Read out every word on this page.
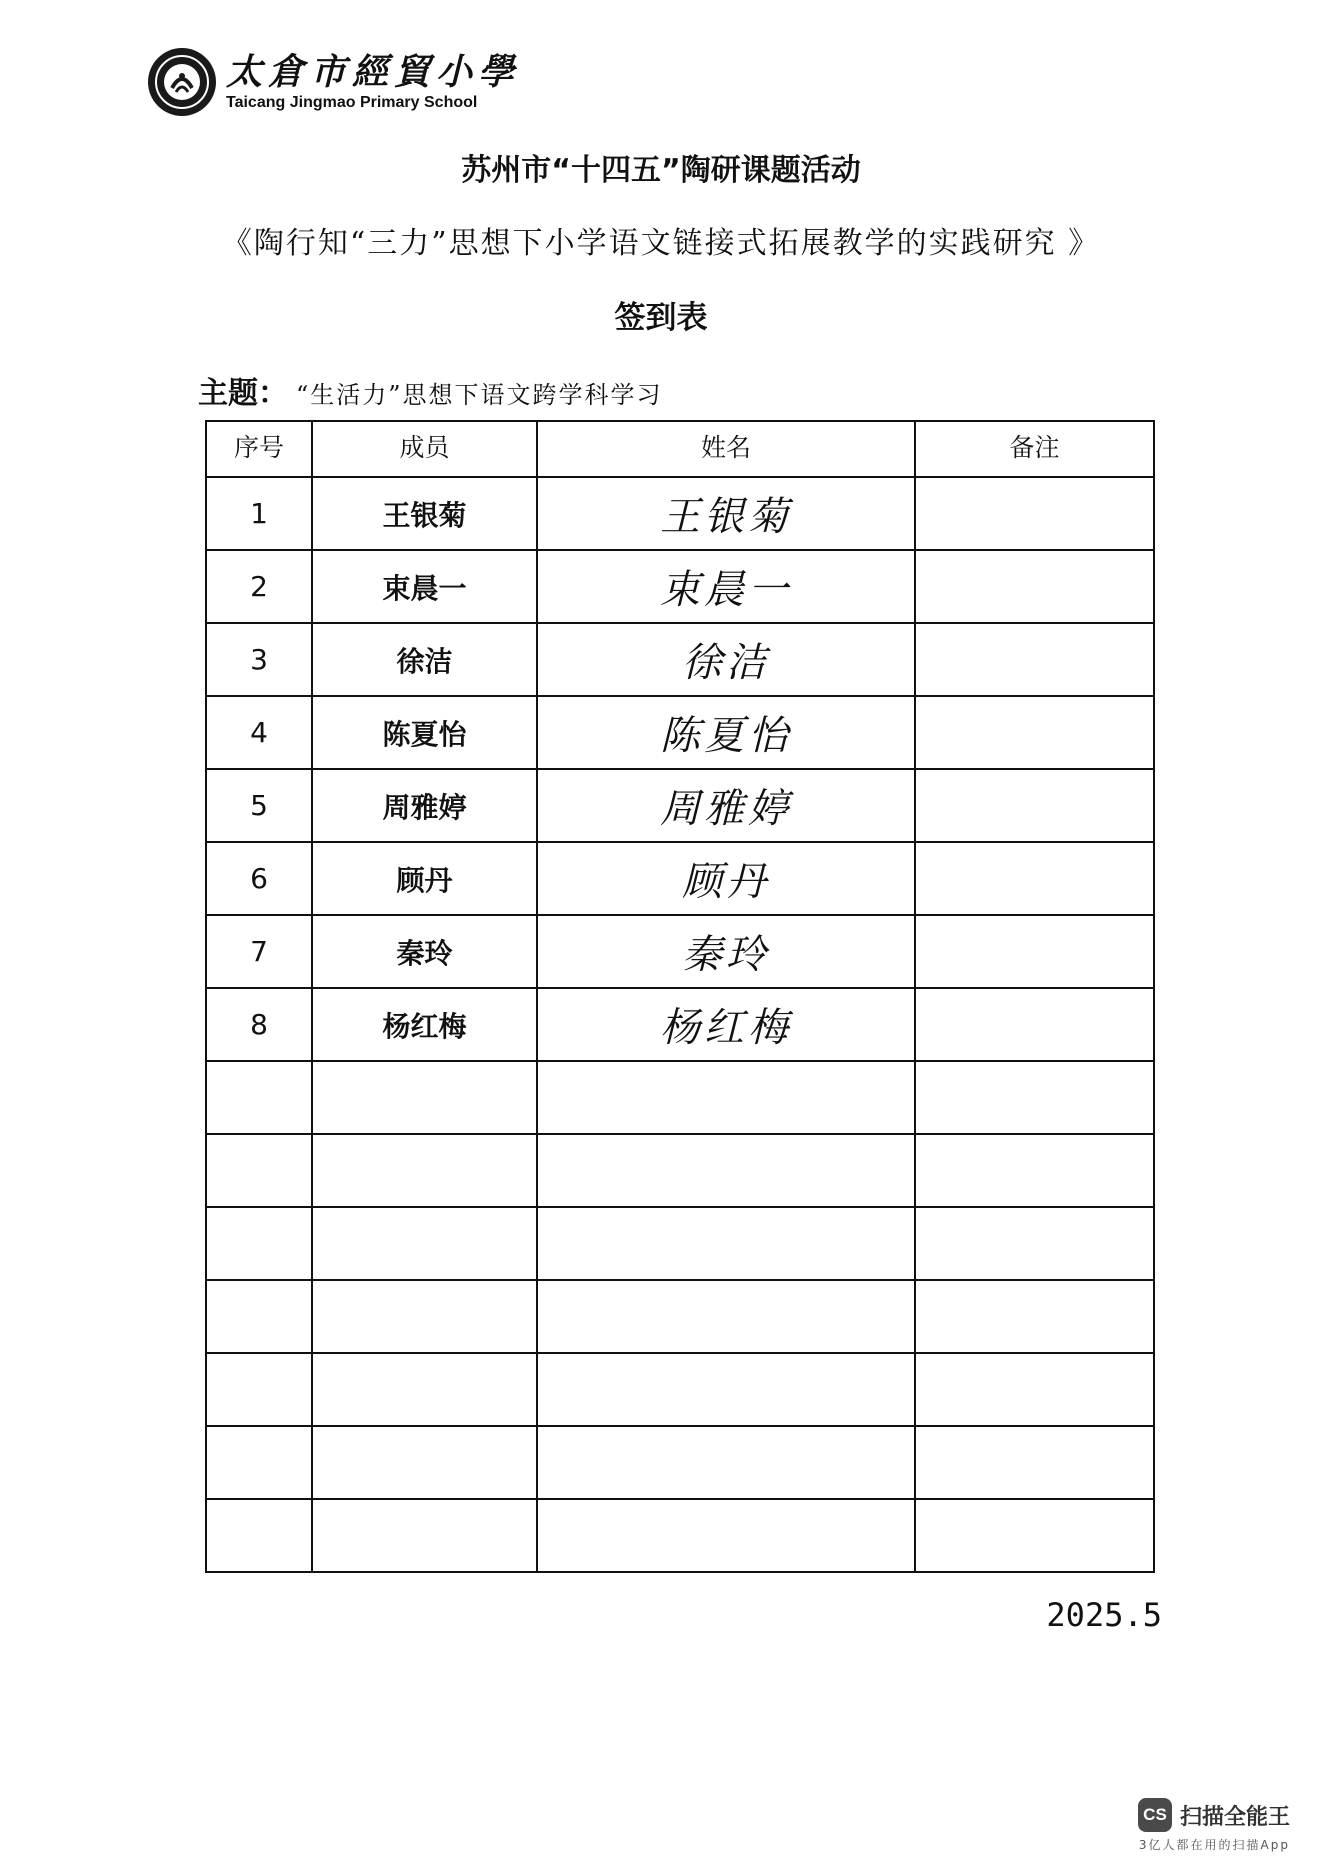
太倉市經貿小學
Taicang Jingmao Primary School
苏州市“十四五”陶研课题活动
《陶行知“三力”思想下小学语文链接式拓展教学的实践研究 》
签到表
主题： “生活力”思想下语文跨学科学习
序号	成员	姓名	备注
1	王银菊	王银菊	
2	束晨一	束晨一	
3	徐洁	徐洁	
4	陈夏怡	陈夏怡	
5	周雅婷	周雅婷	
6	顾丹	顾丹	
7	秦玲	秦玲	
8	杨红梅	杨红梅	

2025.5
CS 扫描全能王
3亿人都在用的扫描App
